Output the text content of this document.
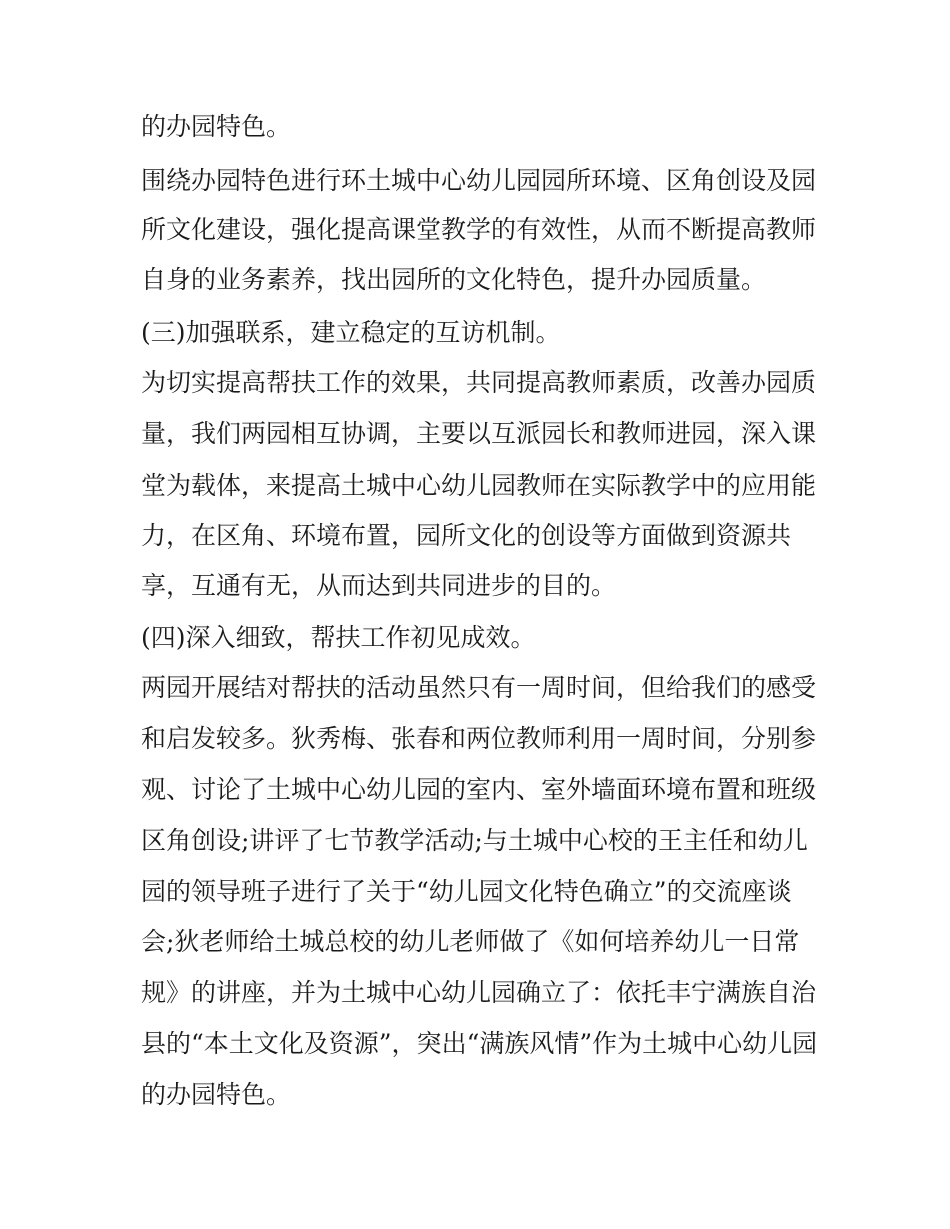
的办园特色。

围绕办园特色进行环土城中心幼儿园园所环境、区角创设及园

所文化建设，强化提高课堂教学的有效性，从而不断提高教师

自身的业务素养，找出园所的文化特色，提升办园质量。

(三)加强联系，建立稳定的互访机制。

为切实提高帮扶工作的效果，共同提高教师素质，改善办园质

量，我们两园相互协调，主要以互派园长和教师进园，深入课

堂为载体，来提高土城中心幼儿园教师在实际教学中的应用能

力，在区角、环境布置，园所文化的创设等方面做到资源共

享，互通有无，从而达到共同进步的目的。

(四)深入细致，帮扶工作初见成效。

两园开展结对帮扶的活动虽然只有一周时间，但给我们的感受

和启发较多。狄秀梅、张春和两位教师利用一周时间，分别参

观、讨论了土城中心幼儿园的室内、室外墙面环境布置和班级

区角创设;讲评了七节教学活动;与土城中心校的王主任和幼儿

园的领导班子进行了关于“幼儿园文化特色确立”的交流座谈

会;狄老师给土城总校的幼儿老师做了《如何培养幼儿一日常

规》的讲座，并为土城中心幼儿园确立了：依托丰宁满族自治

县的“本土文化及资源”，突出“满族风情”作为土城中心幼儿园

的办园特色。
